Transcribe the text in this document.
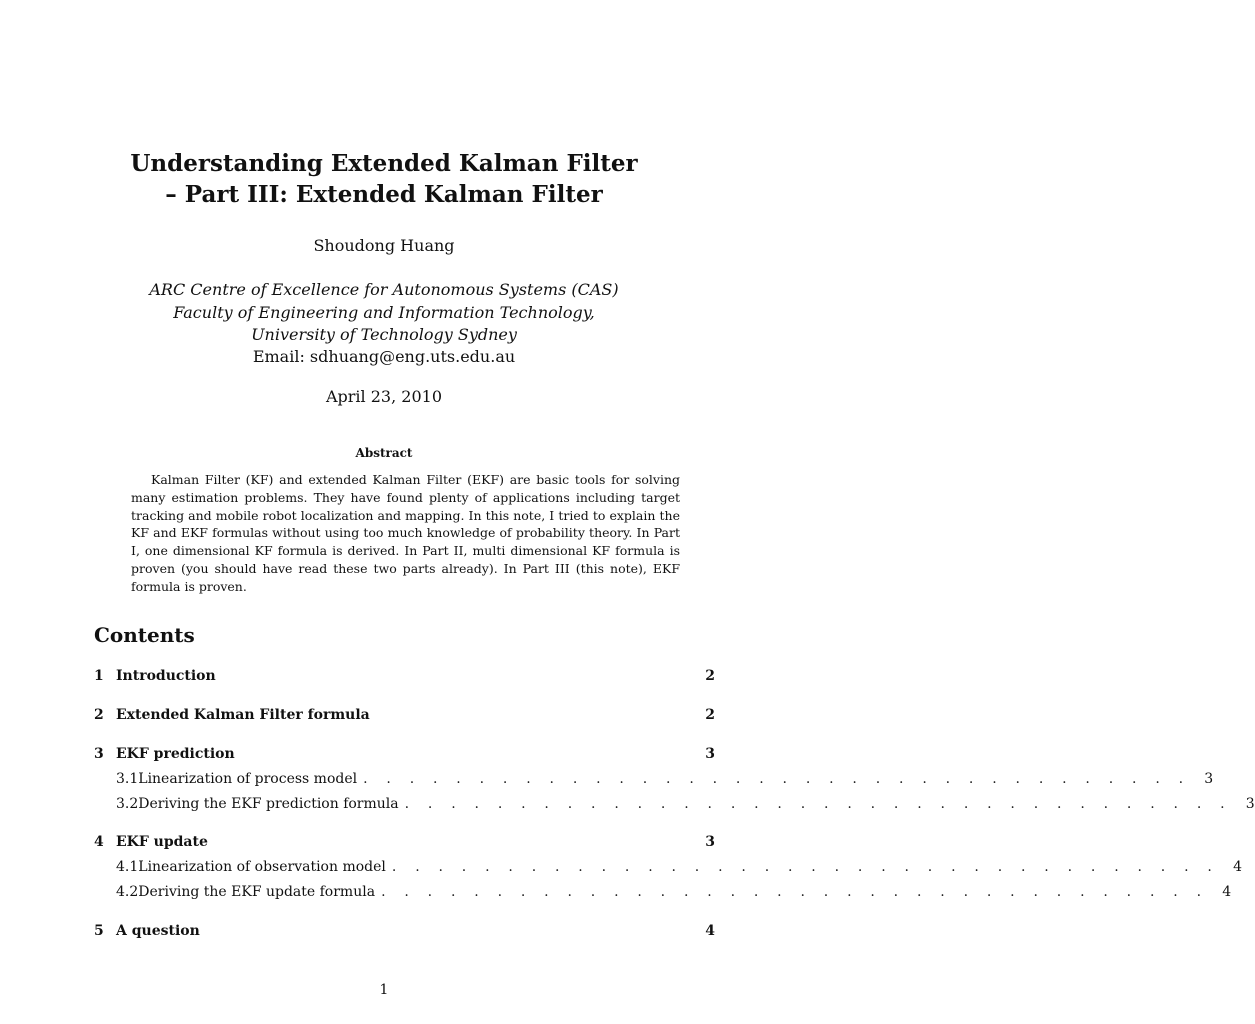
Understanding Extended Kalman Filter
– Part III: Extended Kalman Filter
Shoudong Huang
ARC Centre of Excellence for Autonomous Systems (CAS)
Faculty of Engineering and Information Technology,
University of Technology Sydney
Email: sdhuang@eng.uts.edu.au
April 23, 2010
Abstract
Kalman Filter (KF) and extended Kalman Filter (EKF) are basic tools for solving many estimation problems. They have found plenty of applications including target tracking and mobile robot localization and mapping. In this note, I tried to explain the KF and EKF formulas without using too much knowledge of probability theory. In Part I, one dimensional KF formula is derived. In Part II, multi dimensional KF formula is proven (you should have read these two parts already). In Part III (this note), EKF formula is proven.
Contents
1 Introduction	2
2 Extended Kalman Filter formula	2
3 EKF prediction	3
3.1 Linearization of process model . . . . . . . . . . . . . . . . . . . . . . . . . . . . . . . . . . . . 3
3.2 Deriving the EKF prediction formula . . . . . . . . . . . . . . . . . . . . . . . . . . . . . . . . . . . . 3
4 EKF update	3
4.1 Linearization of observation model . . . . . . . . . . . . . . . . . . . . . . . . . . . . . . . . . . . . 4
4.2 Deriving the EKF update formula . . . . . . . . . . . . . . . . . . . . . . . . . . . . . . . . . . . . 4
5 A question	4
1
